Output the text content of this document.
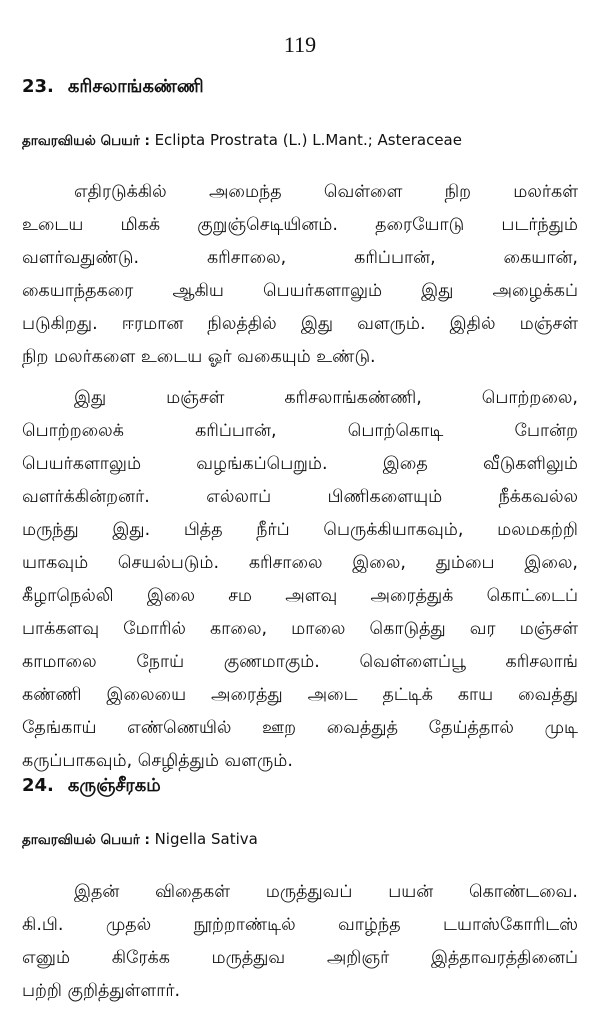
119
23. கரிசலாங்கண்ணி
தாவரவியல் பெயர் : Eclipta Prostrata (L.) L.Mant.; Asteraceae
எதிரடுக்கில் அமைந்த வெள்ளை நிற மலர்கள்
உடைய மிகக் குறுஞ்செடியினம். தரையோடு படர்ந்தும்
வளர்வதுண்டு. கரிசாலை, கரிப்பான், கையான்,
கையாந்தகரை ஆகிய பெயர்களாலும் இது அழைக்கப்
படுகிறது. ஈரமான நிலத்தில் இது வளரும். இதில் மஞ்சள்
நிற மலர்களை உடைய ஓர் வகையும் உண்டு.
இது மஞ்சள் கரிசலாங்கண்ணி, பொற்றலை,
பொற்றலைக் கரிப்பான், பொற்கொடி போன்ற
பெயர்களாலும் வழங்கப்பெறும். இதை வீடுகளிலும்
வளர்க்கின்றனர். எல்லாப் பிணிகளையும் நீக்கவல்ல
மருந்து இது. பித்த நீர்ப் பெருக்கியாகவும், மலமகற்றி
யாகவும் செயல்படும். கரிசாலை இலை, தும்பை இலை,
கீழாநெல்லி இலை சம அளவு அரைத்துக் கொட்டைப்
பாக்களவு மோரில் காலை, மாலை கொடுத்து வர மஞ்சள்
காமாலை நோய் குணமாகும். வெள்ளைப்பூ கரிசலாங்
கண்ணி இலையை அரைத்து அடை தட்டிக் காய வைத்து
தேங்காய் எண்ணெயில் ஊற வைத்துத் தேய்த்தால் முடி
கருப்பாகவும், செழித்தும் வளரும்.
24. கருஞ்சீரகம்
தாவரவியல் பெயர் : Nigella Sativa
இதன் விதைகள் மருத்துவப் பயன் கொண்டவை.
கி.பி. முதல் நூற்றாண்டில் வாழ்ந்த டயாஸ்கோரிடஸ்
எனும் கிரேக்க மருத்துவ அறிஞர் இத்தாவரத்தினைப்
பற்றி குறித்துள்ளார்.
